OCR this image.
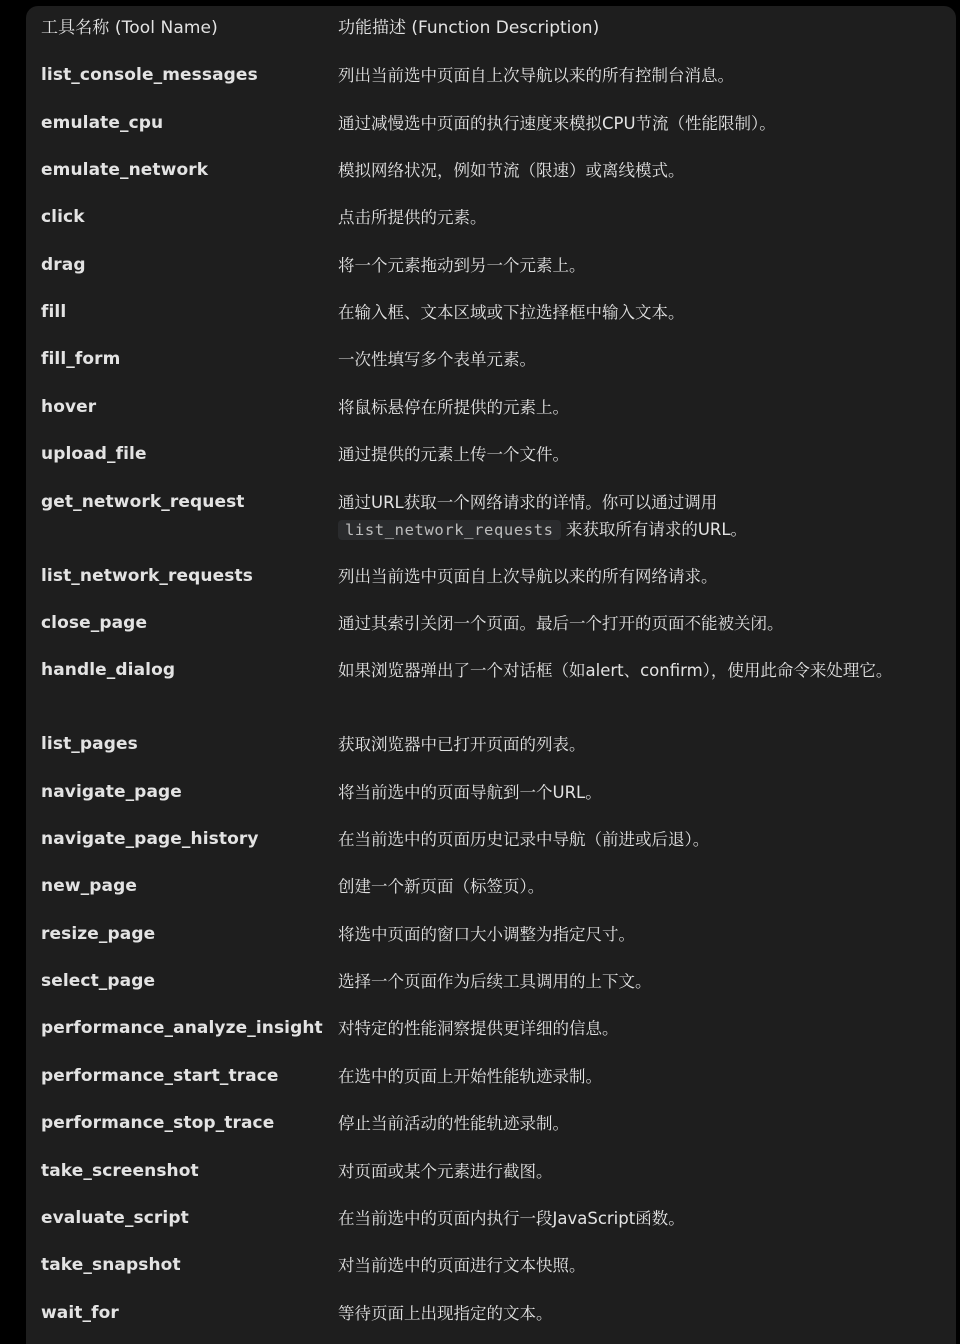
工具名称 (Tool Name)	功能描述 (Function Description)
list_console_messages	列出当前选中页面自上次导航以来的所有控制台消息。
emulate_cpu	通过减慢选中页面的执行速度来模拟CPU节流（性能限制）。
emulate_network	模拟网络状况，例如节流（限速）或离线模式。
click	点击所提供的元素。
drag	将一个元素拖动到另一个元素上。
fill	在输入框、文本区域或下拉选择框中输入文本。
fill_form	一次性填写多个表单元素。
hover	将鼠标悬停在所提供的元素上。
upload_file	通过提供的元素上传一个文件。
get_network_request	通过URL获取一个网络请求的详情。你可以通过调用
list_network_requests 来获取所有请求的URL。
list_network_requests	列出当前选中页面自上次导航以来的所有网络请求。
close_page	通过其索引关闭一个页面。最后一个打开的页面不能被关闭。
handle_dialog	如果浏览器弹出了一个对话框（如alert、confirm），使用此命令来处理它。
list_pages	获取浏览器中已打开页面的列表。
navigate_page	将当前选中的页面导航到一个URL。
navigate_page_history	在当前选中的页面历史记录中导航（前进或后退）。
new_page	创建一个新页面（标签页）。
resize_page	将选中页面的窗口大小调整为指定尺寸。
select_page	选择一个页面作为后续工具调用的上下文。
performance_analyze_insight 对特定的性能洞察提供更详细的信息。
performance_start_trace	在选中的页面上开始性能轨迹录制。
performance_stop_trace	停止当前活动的性能轨迹录制。
take_screenshot	对页面或某个元素进行截图。
evaluate_script	在当前选中的页面内执行一段JavaScript函数。
take_snapshot	对当前选中的页面进行文本快照。
wait_for	等待页面上出现指定的文本。
